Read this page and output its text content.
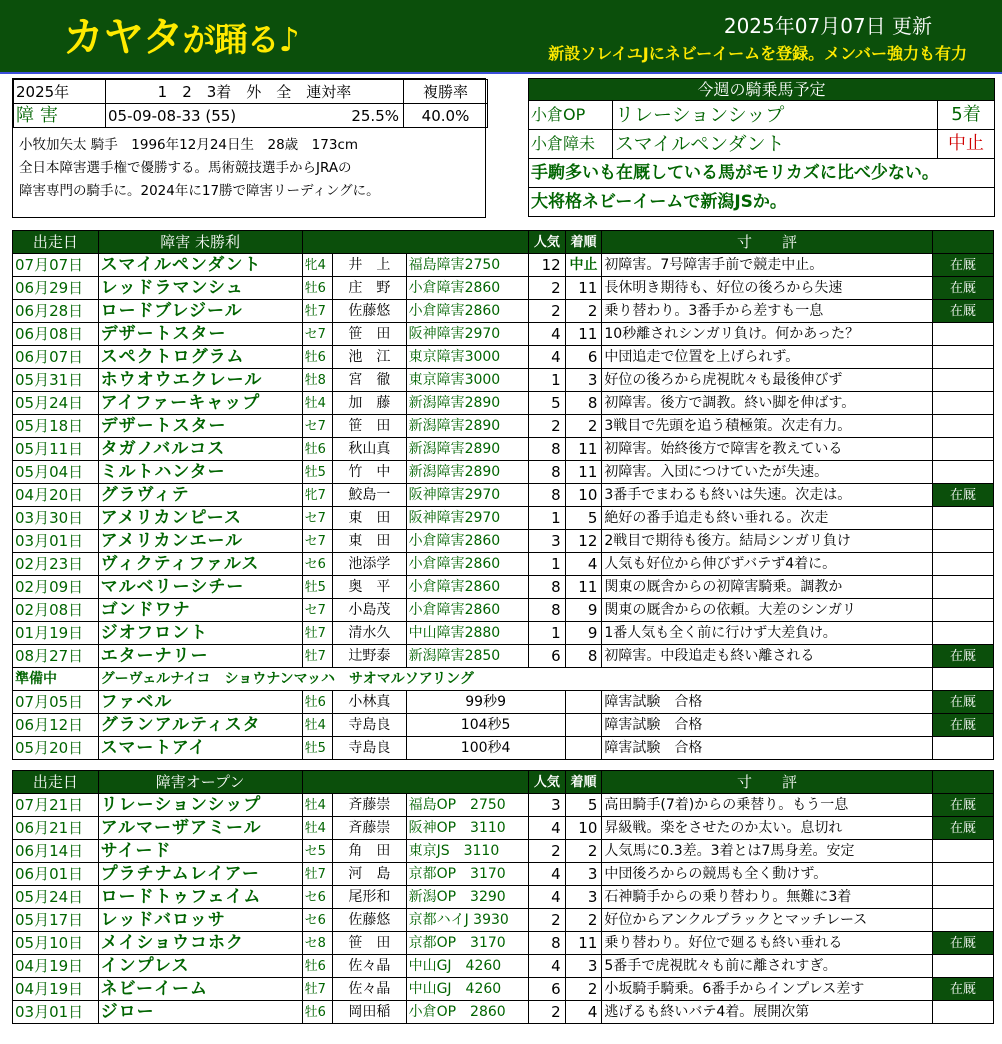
カヤタが踊る♪	2025年07月07日 更新
新設ソレイユJにネビーイームを登録。メンバー強力も有力
2025年	1　2　3着　外　全　連対率	複勝率
障害	05-09-08-33 (55) 25.5%	40.0%
小牧加矢太 騎手　1996年12月24日生　28歳　173cm
全日本障害選手権で優勝する。馬術競技選手からJRAの
障害専門の騎手に。2024年に17勝で障害リーディングに。
今週の騎乗馬予定		
小倉OP	リレーションシップ	5着
小倉障未	スマイルペンダント	中止
手駒多いも在厩している馬がモリカズに比べ少ない。		
大将格ネビーイームで新潟JSか。		
出走日	障害 未勝利				人気	着順	寸　　評	
07月07日	スマイルペンダント	牝4	井　上	福島障害2750	12	中止	初障害。7号障害手前で競走中止。	在厩
06月29日	レッドラマンシュ	牡6	庄　野	小倉障害2860	2	11	長休明き期待も、好位の後ろから失速	在厩
06月28日	ロードブレジール	牡7	佐藤悠	小倉障害2860	2	2	乗り替わり。3番手から差すも一息	在厩
06月08日	デザートスター	セ7	笹　田	阪神障害2970	4	11	10秒離されシンガリ負け。何かあった？	
06月07日	スペクトログラム	牡6	池　江	東京障害3000	4	6	中団追走で位置を上げられず。	
05月31日	ホウオウエクレール	牡8	宮　徹	東京障害3000	1	3	好位の後ろから虎視眈々も最後伸びず	
05月24日	アイファーキャップ	牡4	加　藤	新潟障害2890	5	8	初障害。後方で調教。終い脚を伸ばす。	
05月18日	デザートスター	セ7	笹　田	新潟障害2890	2	2	3戦目で先頭を追う積極策。次走有力。	
05月11日	タガノバルコス	牡6	秋山真	新潟障害2890	8	11	初障害。始終後方で障害を教えている	
05月04日	ミルトハンター	牡5	竹　中	新潟障害2890	8	11	初障害。入団につけていたが失速。	
04月20日	グラヴィテ	牝7	鮫島一	阪神障害2970	8	10	3番手でまわるも終いは失速。次走は。	在厩
03月30日	アメリカンピース	セ7	東　田	阪神障害2970	1	5	絶好の番手追走も終い垂れる。次走	
03月01日	アメリカンエール	セ7	東　田	小倉障害2860	3	12	2戦目で期待も後方。結局シンガリ負け	
02月23日	ヴィクティファルス	セ6	池添学	小倉障害2860	1	4	人気も好位から伸びずバテず4着に。	
02月09日	マルベリーシチー	牡5	奥　平	小倉障害2860	8	11	関東の厩舎からの初障害騎乗。調教か	
02月08日	ゴンドワナ	セ7	小島茂	小倉障害2860	8	9	関東の厩舎からの依頼。大差のシンガリ	
01月19日	ジオフロント	牡7	清水久	中山障害2880	1	9	1番人気も全く前に行けず大差負け。	
08月27日	エターナリー	牡7	辻野泰	新潟障害2850	6	8	初障害。中段追走も終い離される	在厩
準備中	グーヴェルナイコ　ショウナンマッハ　サオマルソアリング							
07月05日	ファベル	牡6	小林真	99秒9			障害試験　合格	在厩
06月12日	グランアルティスタ	牡4	寺島良	104秒5			障害試験　合格	在厩
05月20日	スマートアイ	牡5	寺島良	100秒4			障害試験　合格	
出走日	障害オープン				人気	着順	寸　　評	
07月21日	リレーションシップ	牡4	斉藤崇	福島OP　2750	3	5	高田騎手(7着)からの乗替り。もう一息	在厩
06月21日	アルマーザアミール	牡4	斉藤崇	阪神OP　3110	4	10	昇級戦。楽をさせたのか太い。息切れ	在厩
06月14日	サイード	セ5	角　田	東京JS　3110	2	2	人気馬に0.3差。3着とは7馬身差。安定	
06月01日	プラチナムレイアー	牡7	河　島	京都OP　3170	4	3	中団後ろからの競馬も全く動けず。	
05月24日	ロードトゥフェイム	セ6	尾形和	新潟OP　3290	4	3	石神騎手からの乗り替わり。無難に3着	
05月17日	レッドバロッサ	セ6	佐藤悠	京都ハイJ 3930	2	2	好位からアンクルブラックとマッチレース	
05月10日	メイショウコホク	セ8	笹　田	京都OP　3170	8	11	乗り替わり。好位で廻るも終い垂れる	在厩
04月19日	インプレス	牡6	佐々晶	中山GJ　4260	4	3	5番手で虎視眈々も前に離されすぎ。	
04月19日	ネビーイーム	牡7	佐々晶	中山GJ　4260	6	2	小坂騎手騎乗。6番手からインプレス差す	在厩
03月01日	ジロー	牡6	岡田稲	小倉OP　2860	2	4	逃げるも終いバテ4着。展開次第	
